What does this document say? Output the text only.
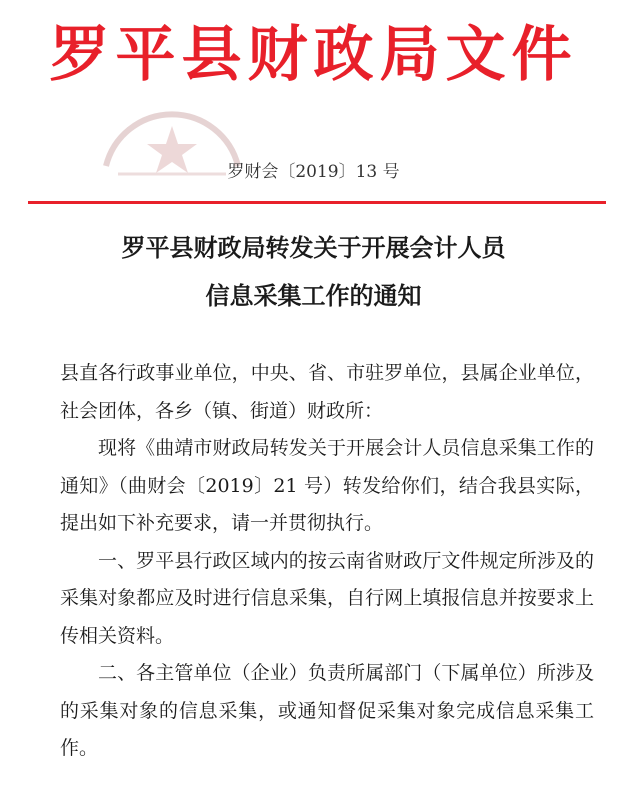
罗平县财政局文件
罗财会〔2019〕13 号
罗平县财政局转发关于开展会计人员
信息采集工作的通知

县直各行政事业单位，中央、省、市驻罗单位，县属企业单位，社会团体，各乡（镇、街道）财政所：

现将《曲靖市财政局转发关于开展会计人员信息采集工作的通知》（曲财会〔2019〕21 号）转发给你们，结合我县实际，提出如下补充要求，请一并贯彻执行。

一、罗平县行政区域内的按云南省财政厅文件规定所涉及的采集对象都应及时进行信息采集，自行网上填报信息并按要求上传相关资料。

二、各主管单位（企业）负责所属部门（下属单位）所涉及的采集对象的信息采集，或通知督促采集对象完成信息采集工作。
